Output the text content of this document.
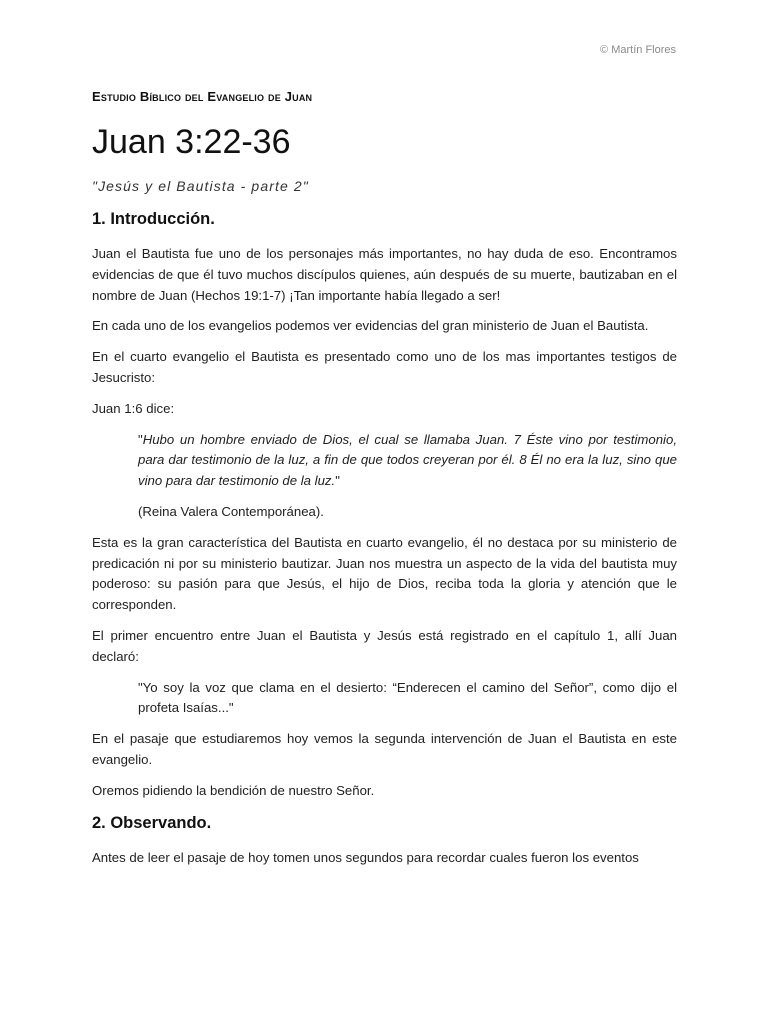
© Martín Flores
Estudio Bíblico del Evangelio de Juan
Juan 3:22-36
"Jesús y el Bautista - parte 2"
1. Introducción.

Juan el Bautista fue uno de los personajes más importantes, no hay duda de eso. Encontramos evidencias de que él tuvo muchos discípulos quienes, aún después de su muerte, bautizaban en el nombre de Juan (Hechos 19:1-7) ¡Tan importante había llegado a ser!

En cada uno de los evangelios podemos ver evidencias del gran ministerio de Juan el Bautista.

En el cuarto evangelio el Bautista es presentado como uno de los mas importantes testigos de Jesucristo:

Juan 1:6 dice:

"Hubo un hombre enviado de Dios, el cual se llamaba Juan. 7 Éste vino por testimonio, para dar testimonio de la luz, a fin de que todos creyeran por él. 8 Él no era la luz, sino que vino para dar testimonio de la luz."
(Reina Valera Contemporánea).

Esta es la gran característica del Bautista en cuarto evangelio, él no destaca por su ministerio de predicación ni por su ministerio bautizar. Juan nos muestra un aspecto de la vida del bautista muy poderoso: su pasión para que Jesús, el hijo de Dios, reciba toda la gloria y atención que le corresponden.

El primer encuentro entre Juan el Bautista y Jesús está registrado en el capítulo 1, allí Juan declaró:

"Yo soy la voz que clama en el desierto: “Enderecen el camino del Señor”, como dijo el profeta Isaías..."

En el pasaje que estudiaremos hoy vemos la segunda intervención de Juan el Bautista en este evangelio.

Oremos pidiendo la bendición de nuestro Señor.

2. Observando.

Antes de leer el pasaje de hoy tomen unos segundos para recordar cuales fueron los eventos
